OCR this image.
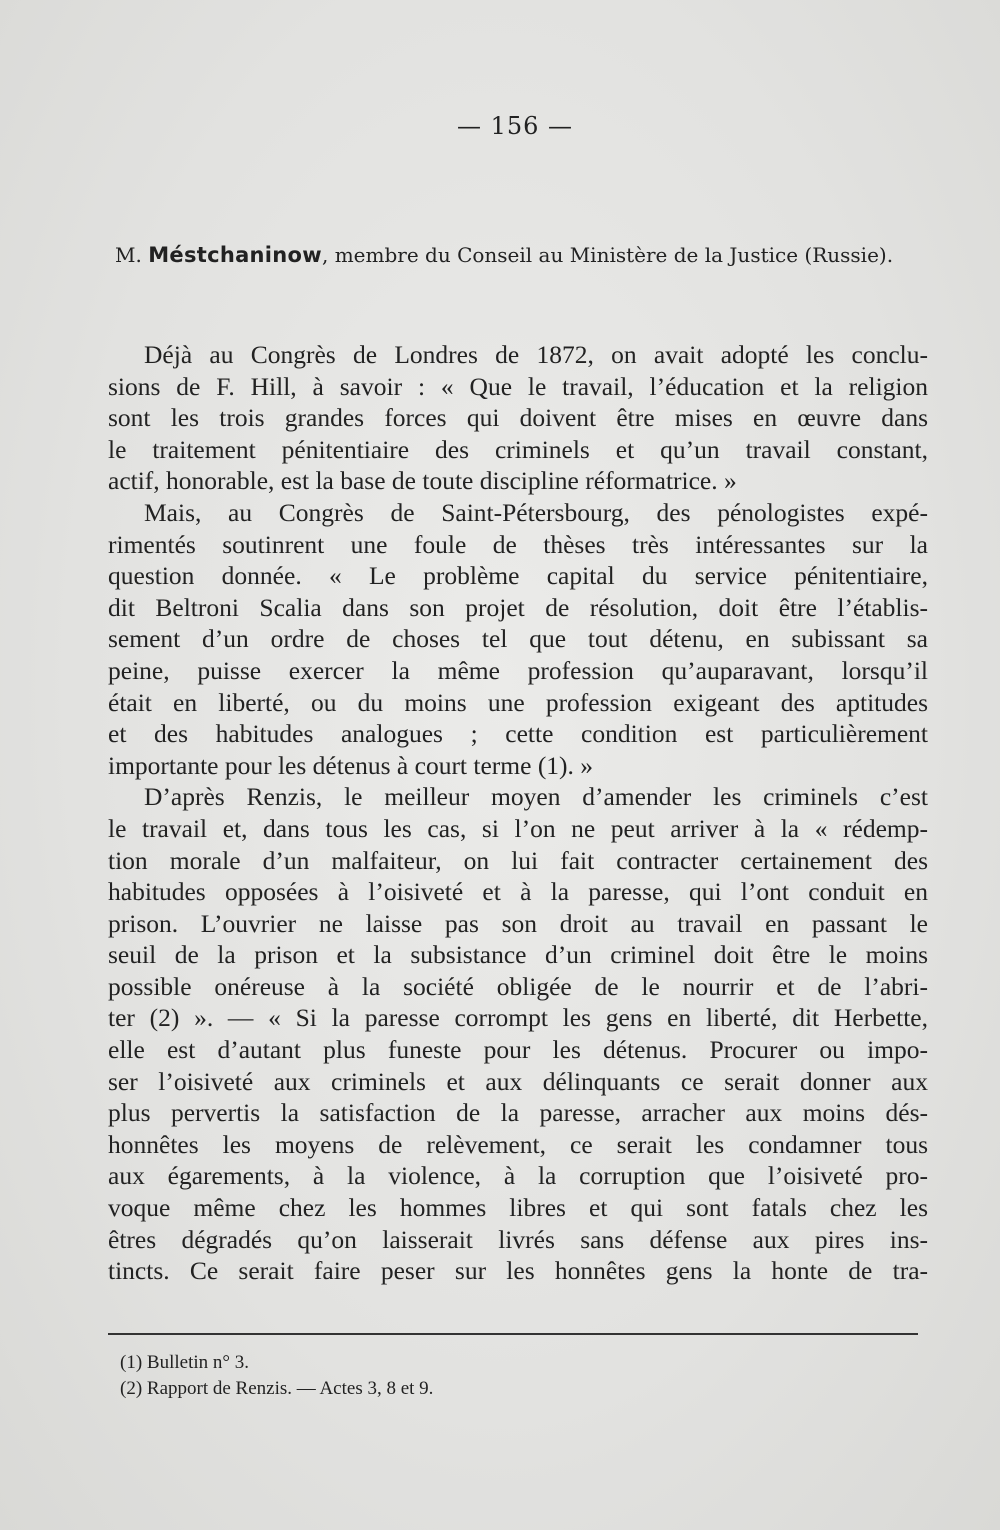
— 156 —
M. Méstchaninow, membre du Conseil au Ministère de la Justice (Russie).
Déjà au Congrès de Londres de 1872, on avait adopté les conclu-
sions de F. Hill, à savoir : « Que le travail, l’éducation et la religion
sont les trois grandes forces qui doivent être mises en œuvre dans
le traitement pénitentiaire des criminels et qu’un travail constant,
actif, honorable, est la base de toute discipline réformatrice. »
Mais, au Congrès de Saint-Pétersbourg, des pénologistes expé-
rimentés soutinrent une foule de thèses très intéressantes sur la
question donnée. « Le problème capital du service pénitentiaire,
dit Beltroni Scalia dans son projet de résolution, doit être l’établis-
sement d’un ordre de choses tel que tout détenu, en subissant sa
peine, puisse exercer la même profession qu’auparavant, lorsqu’il
était en liberté, ou du moins une profession exigeant des aptitudes
et des habitudes analogues ; cette condition est particulièrement
importante pour les détenus à court terme (1). »
D’après Renzis, le meilleur moyen d’amender les criminels c’est
le travail et, dans tous les cas, si l’on ne peut arriver à la « rédemp-
tion morale d’un malfaiteur, on lui fait contracter certainement des
habitudes opposées à l’oisiveté et à la paresse, qui l’ont conduit en
prison. L’ouvrier ne laisse pas son droit au travail en passant le
seuil de la prison et la subsistance d’un criminel doit être le moins
possible onéreuse à la société obligée de le nourrir et de l’abri-
ter (2) ». — « Si la paresse corrompt les gens en liberté, dit Herbette,
elle est d’autant plus funeste pour les détenus. Procurer ou impo-
ser l’oisiveté aux criminels et aux délinquants ce serait donner aux
plus pervertis la satisfaction de la paresse, arracher aux moins dés-
honnêtes les moyens de relèvement, ce serait les condamner tous
aux égarements, à la violence, à la corruption que l’oisiveté pro-
voque même chez les hommes libres et qui sont fatals chez les
êtres dégradés qu’on laisserait livrés sans défense aux pires ins-
tincts. Ce serait faire peser sur les honnêtes gens la honte de tra-
(1) Bulletin n° 3.
(2) Rapport de Renzis. — Actes 3, 8 et 9.
